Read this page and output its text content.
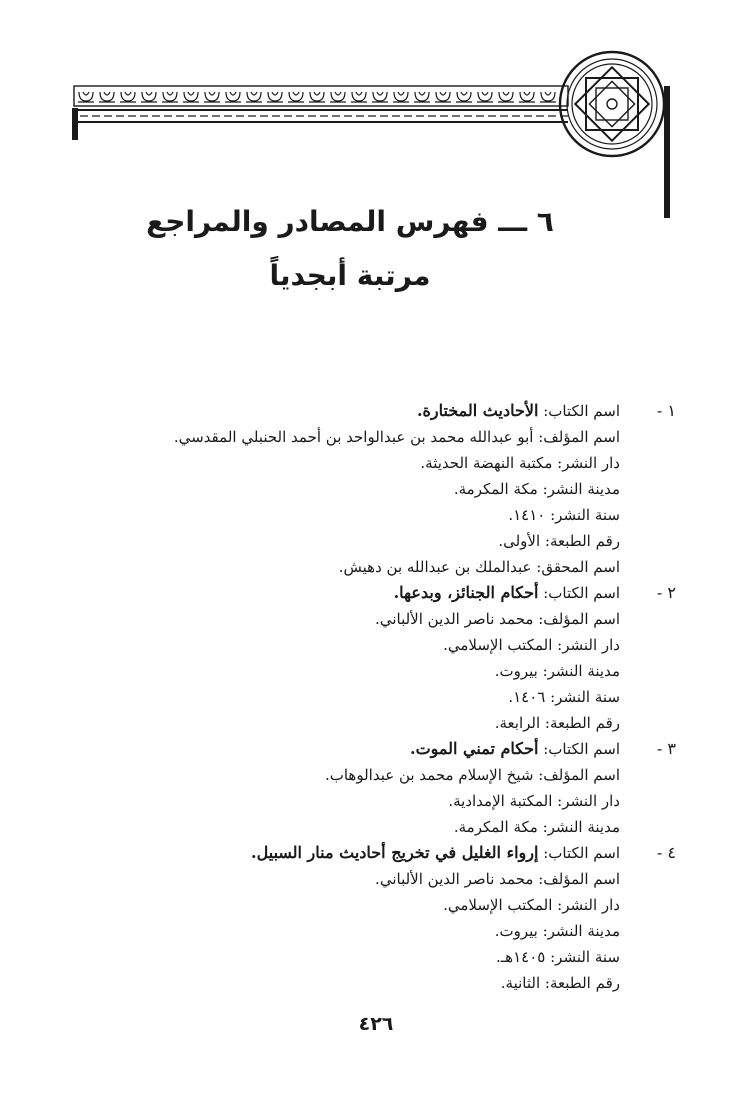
٦ ـــ فهرس المصادر والمراجع
مرتبة أبجدياً
١ -
اسم الكتاب: الأحاديث المختارة.
اسم المؤلف: أبو عبدالله محمد بن عبدالواحد بن أحمد الحنبلي المقدسي.
دار النشر: مكتبة النهضة الحديثة.
مدينة النشر: مكة المكرمة.
سنة النشر: ١٤١٠.
رقم الطبعة: الأولى.
اسم المحقق: عبدالملك بن عبدالله بن دهيش.
٢ -
اسم الكتاب: أحكام الجنائز، وبدعها.
اسم المؤلف: محمد ناصر الدين الألباني.
دار النشر: المكتب الإسلامي.
مدينة النشر: بيروت.
سنة النشر: ١٤٠٦.
رقم الطبعة: الرابعة.
٣ -
اسم الكتاب: أحكام تمني الموت.
اسم المؤلف: شيخ الإسلام محمد بن عبدالوهاب.
دار النشر: المكتبة الإمدادية.
مدينة النشر: مكة المكرمة.
٤ -
اسم الكتاب: إرواء الغليل في تخريج أحاديث منار السبيل.
اسم المؤلف: محمد ناصر الدين الألباني.
دار النشر: المكتب الإسلامي.
مدينة النشر: بيروت.
سنة النشر: ١٤٠٥هـ.
رقم الطبعة: الثانية.
٤٢٦
